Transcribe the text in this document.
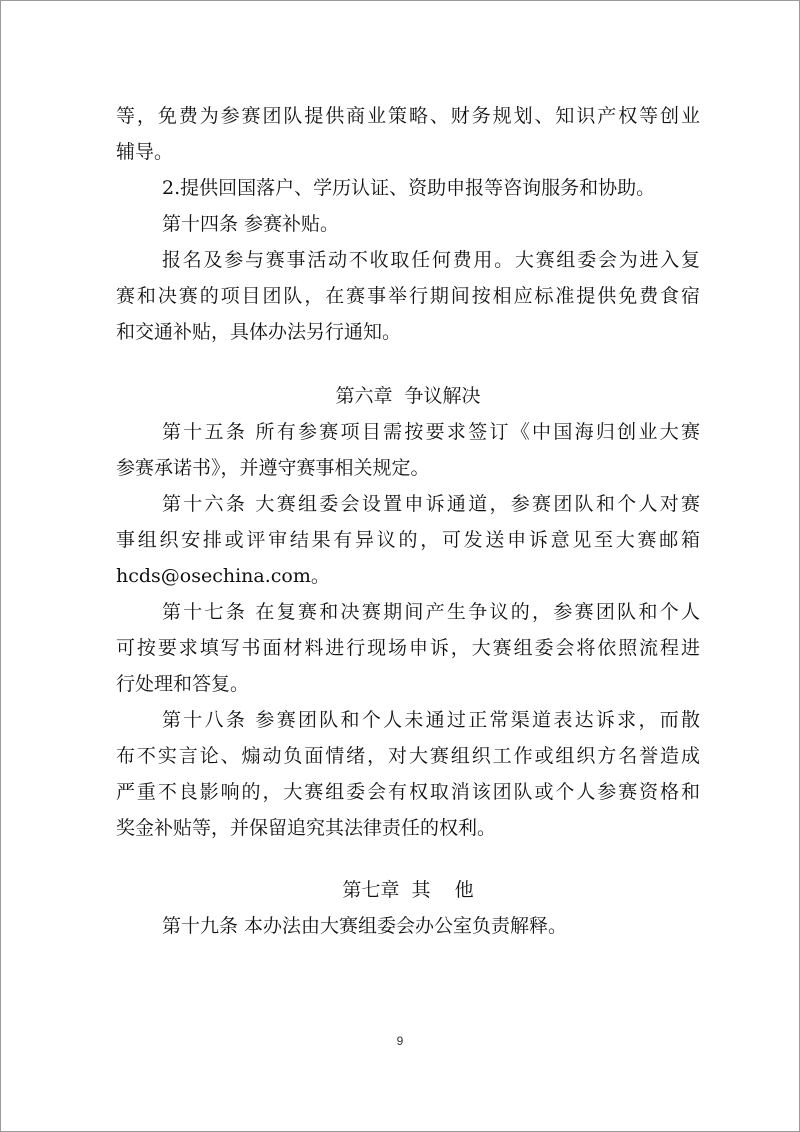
等，免费为参赛团队提供商业策略、财务规划、知识产权等创业
辅导。
2.提供回国落户、学历认证、资助申报等咨询服务和协助。
第十四条 参赛补贴。
报名及参与赛事活动不收取任何费用。大赛组委会为进入复
赛和决赛的项目团队，在赛事举行期间按相应标准提供免费食宿
和交通补贴，具体办法另行通知。
第六章  争议解决
第十五条 所有参赛项目需按要求签订《中国海归创业大赛
参赛承诺书》，并遵守赛事相关规定。
第十六条 大赛组委会设置申诉通道，参赛团队和个人对赛
事组织安排或评审结果有异议的，可发送申诉意见至大赛邮箱
hcds@osechina.com。
第十七条 在复赛和决赛期间产生争议的，参赛团队和个人
可按要求填写书面材料进行现场申诉，大赛组委会将依照流程进
行处理和答复。
第十八条 参赛团队和个人未通过正常渠道表达诉求，而散
布不实言论、煽动负面情绪，对大赛组织工作或组织方名誉造成
严重不良影响的，大赛组委会有权取消该团队或个人参赛资格和
奖金补贴等，并保留追究其法律责任的权利。
第七章  其    他
第十九条 本办法由大赛组委会办公室负责解释。
9
